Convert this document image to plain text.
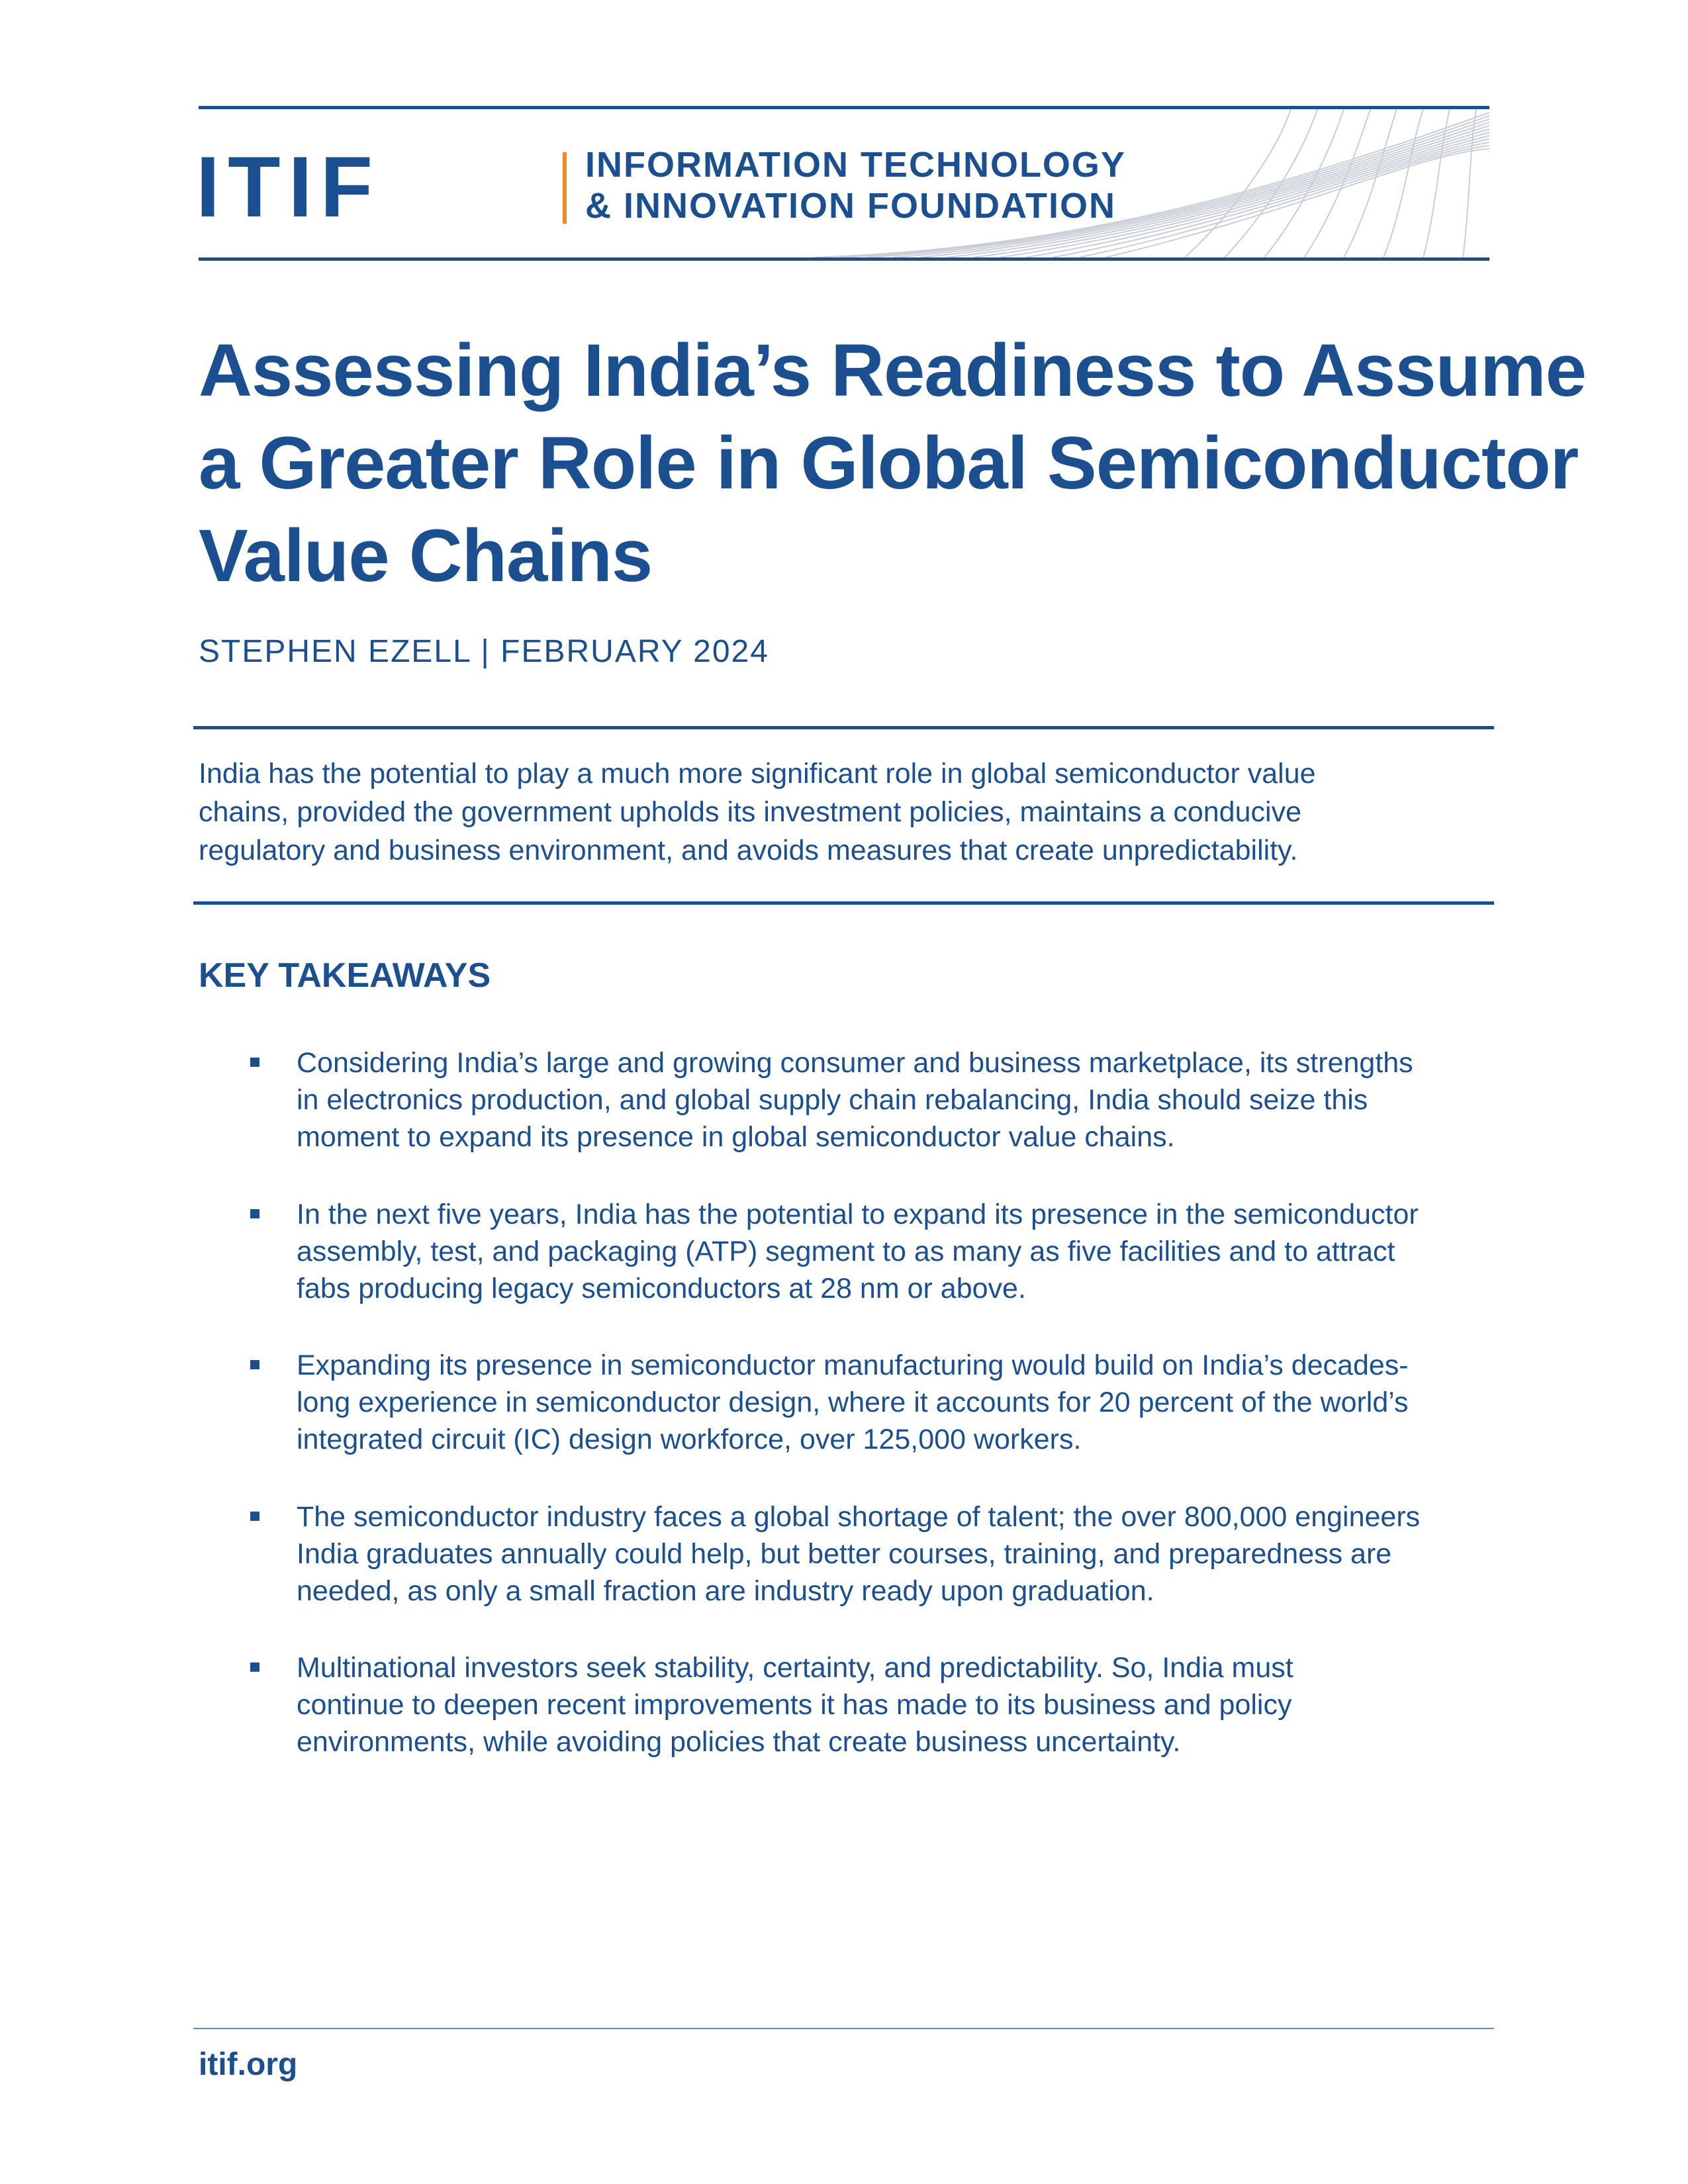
ITIF	INFORMATION TECHNOLOGY
& INNOVATION FOUNDATION
Assessing India’s Readiness to Assume
a Greater Role in Global Semiconductor
Value Chains
STEPHEN EZELL | FEBRUARY 2024
India has the potential to play a much more significant role in global semiconductor value
chains, provided the government upholds its investment policies, maintains a conducive
regulatory and business environment, and avoids measures that create unpredictability.
KEY TAKEAWAYS
Considering India’s large and growing consumer and business marketplace, its strengths
in electronics production, and global supply chain rebalancing, India should seize this
moment to expand its presence in global semiconductor value chains.
In the next five years, India has the potential to expand its presence in the semiconductor
assembly, test, and packaging (ATP) segment to as many as five facilities and to attract
fabs producing legacy semiconductors at 28 nm or above.
Expanding its presence in semiconductor manufacturing would build on India’s decades-
long experience in semiconductor design, where it accounts for 20 percent of the world’s
integrated circuit (IC) design workforce, over 125,000 workers.
The semiconductor industry faces a global shortage of talent; the over 800,000 engineers
India graduates annually could help, but better courses, training, and preparedness are
needed, as only a small fraction are industry ready upon graduation.
Multinational investors seek stability, certainty, and predictability. So, India must
continue to deepen recent improvements it has made to its business and policy
environments, while avoiding policies that create business uncertainty.
itif.org
